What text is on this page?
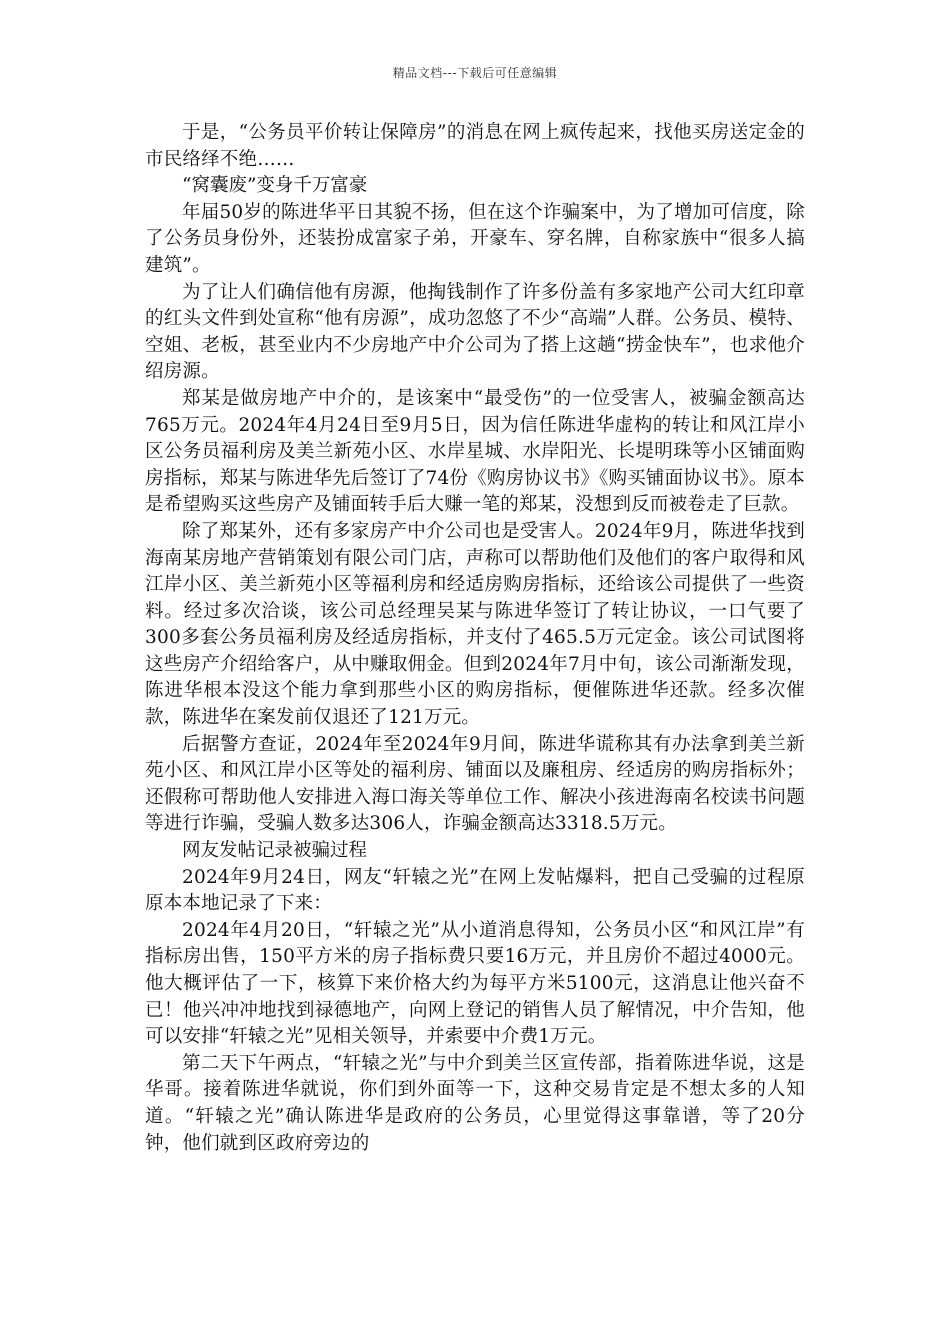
精品文档---下载后可任意编辑

于是，“公务员平价转让保障房”的消息在网上疯传起来，找他买房送定金的市民络绎不绝……

“窝囊废”变身千万富豪

年届50岁的陈进华平日其貌不扬，但在这个诈骗案中，为了增加可信度，除了公务员身份外，还装扮成富家子弟，开豪车、穿名牌，自称家族中“很多人搞建筑”。

为了让人们确信他有房源，他掏钱制作了许多份盖有多家地产公司大红印章的红头文件到处宣称“他有房源”，成功忽悠了不少“高端”人群。公务员、模特、空姐、老板，甚至业内不少房地产中介公司为了搭上这趟“捞金快车”，也求他介绍房源。

郑某是做房地产中介的，是该案中“最受伤”的一位受害人，被骗金额高达765万元。2024年4月24日至9月5日，因为信任陈进华虚构的转让和风江岸小区公务员福利房及美兰新苑小区、水岸星城、水岸阳光、长堤明珠等小区铺面购房指标，郑某与陈进华先后签订了74份《购房协议书》《购买铺面协议书》。原本是希望购买这些房产及铺面转手后大赚一笔的郑某，没想到反而被卷走了巨款。

除了郑某外，还有多家房产中介公司也是受害人。2024年9月，陈进华找到海南某房地产营销策划有限公司门店，声称可以帮助他们及他们的客户取得和风江岸小区、美兰新苑小区等福利房和经适房购房指标，还给该公司提供了一些资料。经过多次洽谈，该公司总经理吴某与陈进华签订了转让协议，一口气要了300多套公务员福利房及经适房指标，并支付了465.5万元定金。该公司试图将这些房产介绍给客户，从中赚取佣金。但到2024年7月中旬，该公司渐渐发现，陈进华根本没这个能力拿到那些小区的购房指标，便催陈进华还款。经多次催款，陈进华在案发前仅退还了121万元。

后据警方查证，2024年至2024年9月间，陈进华谎称其有办法拿到美兰新苑小区、和风江岸小区等处的福利房、铺面以及廉租房、经适房的购房指标外；还假称可帮助他人安排进入海口海关等单位工作、解决小孩进海南名校读书问题等进行诈骗，受骗人数多达306人，诈骗金额高达3318.5万元。

网友发帖记录被骗过程

2024年9月24日，网友“轩辕之光”在网上发帖爆料，把自己受骗的过程原原本本地记录了下来：

2024年4月20日，“轩辕之光”从小道消息得知，公务员小区“和风江岸”有指标房出售，150平方米的房子指标费只要16万元，并且房价不超过4000元。他大概评估了一下，核算下来价格大约为每平方米5100元，这消息让他兴奋不已！他兴冲冲地找到禄德地产，向网上登记的销售人员了解情况，中介告知，他可以安排“轩辕之光”见相关领导，并索要中介费1万元。

第二天下午两点，“轩辕之光”与中介到美兰区宣传部，指着陈进华说，这是华哥。接着陈进华就说，你们到外面等一下，这种交易肯定是不想太多的人知道。“轩辕之光”确认陈进华是政府的公务员，心里觉得这事靠谱，等了20分钟，他们就到区政府旁边的
